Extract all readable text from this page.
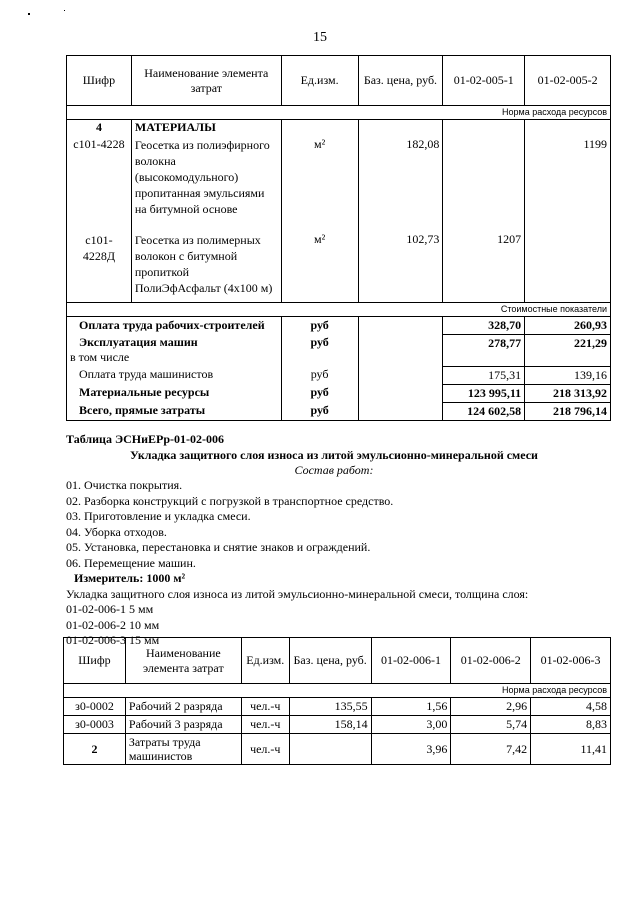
15
Шифр	Наименование элемента затрат	Ед.изм.	Баз. цена, руб.	01-02-005-1	01-02-005-2
Норма расхода ресурсов					
4	МАТЕРИАЛЫ				
с101-4228	Геосетка из полиэфирного волокна (высокомодульного) пропитанная эмульсиями на битумной основе	м²	182,08		1199
с101-4228Д	Геосетка из полимерных волокон с битумной пропиткой ПолиЭфАсфальт (4х100 м)	м²	102,73	1207	
Стоимостные показатели					
Оплата труда рабочих-строителей		руб		328,70	260,93
Эксплуатация машин
в том числе		руб		278,77	221,29
Оплата труда машинистов		руб		175,31	139,16
Материальные ресурсы		руб		123 995,11	218 313,92
Всего, прямые затраты		руб		124 602,58	218 796,14
Таблица ЭСНиЕРр-01-02-006
Укладка защитного слоя износа из литой эмульсионно-минеральной смеси
Состав работ:
01. Очистка покрытия.
02. Разборка конструкций с погрузкой в транспортное средство.
03. Приготовление и укладка смеси.
04. Уборка отходов.
05. Установка, перестановка и снятие знаков и ограждений.
06. Перемещение машин.
Измеритель: 1000 м²
Укладка защитного слоя износа из литой эмульсионно-минеральной смеси, толщина слоя:
01-02-006-1 5 мм
01-02-006-2 10 мм
01-02-006-3 15 мм
Шифр	Наименование элемента затрат	Ед.изм.	Баз. цена, руб.	01-02-006-1	01-02-006-2	01-02-006-3
Норма расхода ресурсов						
з0-0002	Рабочий 2 разряда	чел.-ч	135,55	1,56	2,96	4,58
з0-0003	Рабочий 3 разряда	чел.-ч	158,14	3,00	5,74	8,83
2	Затраты труда машинистов	чел.-ч		3,96	7,42	11,41
